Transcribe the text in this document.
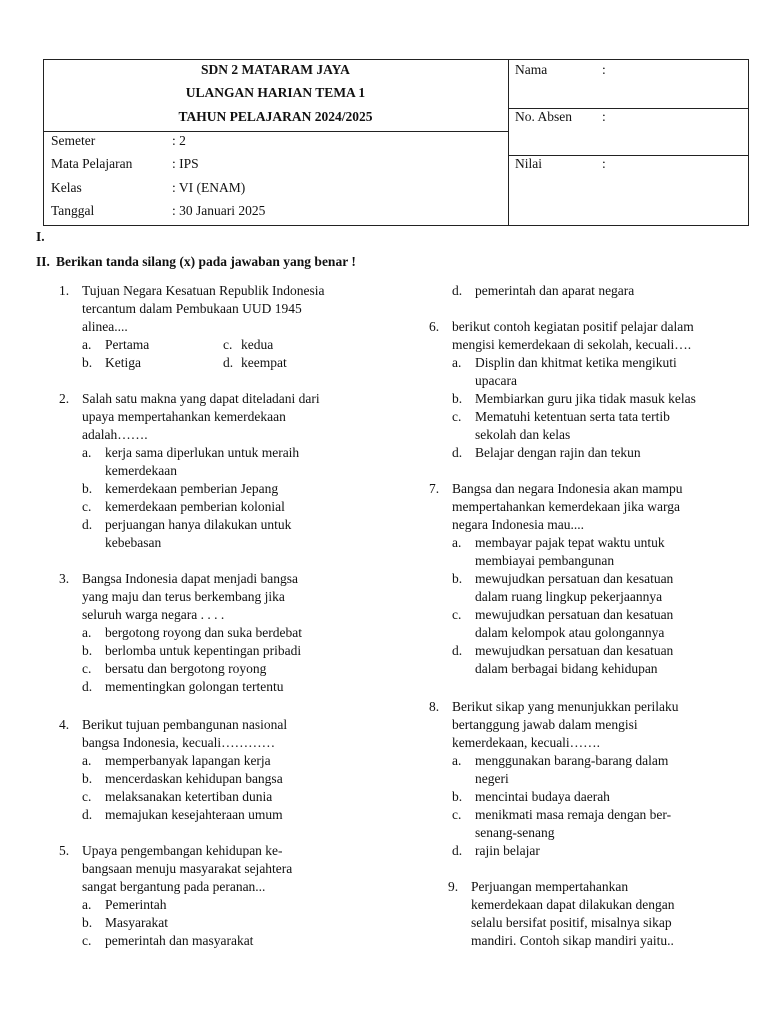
SDN 2 MATARAM JAYA
ULANGAN HARIAN TEMA 1
TAHUN PELAJARAN 2024/2025
Semeter	: 2
Mata Pelajaran	: IPS
Kelas	: VI (ENAM)
Tanggal	: 30 Januari 2025
Nama	:
No. Absen :
Nilai	:
I.
II. Berikan tanda silang (x) pada jawaban yang benar !
1. Tujuan Negara Kesatuan Republik Indonesia
tercantum dalam Pembukaan UUD 1945
alinea....
a. Pertama	c. kedua
b. Ketiga	d. keempat
2. Salah satu makna yang dapat diteladani dari
upaya mempertahankan kemerdekaan
adalah…….
a. kerja sama diperlukan untuk meraih
kemerdekaan
b. kemerdekaan pemberian Jepang
c. kemerdekaan pemberian kolonial
d. perjuangan hanya dilakukan untuk
kebebasan
3. Bangsa Indonesia dapat menjadi bangsa
yang maju dan terus berkembang jika
seluruh warga negara . . . .
a. bergotong royong dan suka berdebat
b. berlomba untuk kepentingan pribadi
c. bersatu dan bergotong royong
d. mementingkan golongan tertentu
4. Berikut tujuan pembangunan nasional
bangsa Indonesia, kecuali…………
a. memperbanyak lapangan kerja
b. mencerdaskan kehidupan bangsa
c. melaksanakan ketertiban dunia
d. memajukan kesejahteraan umum
5. Upaya pengembangan kehidupan ke-
bangsaan menuju masyarakat sejahtera
sangat bergantung pada peranan...
a. Pemerintah
b. Masyarakat
c. pemerintah dan masyarakat
d. pemerintah dan aparat negara
6. berikut contoh kegiatan positif pelajar dalam
mengisi kemerdekaan di sekolah, kecuali….
a. Displin dan khitmat ketika mengikuti
upacara
b. Membiarkan guru jika tidak masuk kelas
c. Mematuhi ketentuan serta tata tertib
sekolah dan kelas
d. Belajar dengan rajin dan tekun
7. Bangsa dan negara Indonesia akan mampu
mempertahankan kemerdekaan jika warga
negara Indonesia mau....
a. membayar pajak tepat waktu untuk
membiayai pembangunan
b. mewujudkan persatuan dan kesatuan
dalam ruang lingkup pekerjaannya
c. mewujudkan persatuan dan kesatuan
dalam kelompok atau golongannya
d. mewujudkan persatuan dan kesatuan
dalam berbagai bidang kehidupan
8. Berikut sikap yang menunjukkan perilaku
bertanggung jawab dalam mengisi
kemerdekaan, kecuali…….
a. menggunakan barang-barang dalam
negeri
b. mencintai budaya daerah
c. menikmati masa remaja dengan ber-
senang-senang
d. rajin belajar
9. Perjuangan mempertahankan
kemerdekaan dapat dilakukan dengan
selalu bersifat positif, misalnya sikap
mandiri. Contoh sikap mandiri yaitu..
